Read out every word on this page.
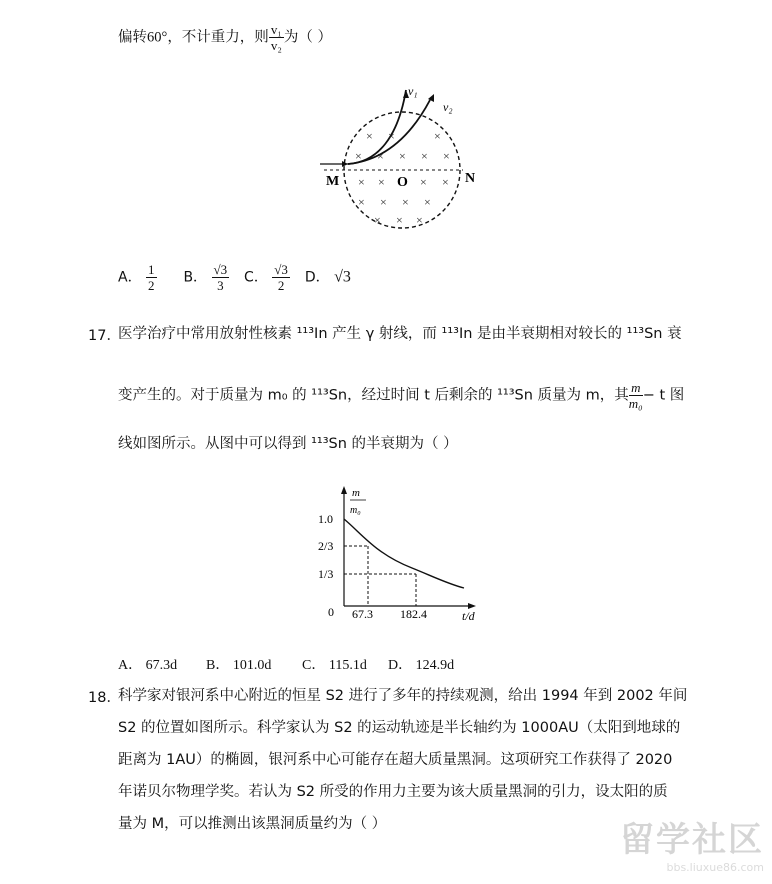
偏转60°，不计重力，则 $\frac{\text{v₁}}{\text{v₂}}$ 为（ ）
v₁
v₂
M	O	N
× ×	×
× × × × ×
× ×	× ×
× × × ×
× × ×
A． $\frac{1}{2}$ B． $\frac{√3}{3}$ C． $\frac{√3}{2}$ D． √3
17．
医学治疗中常用放射性核素 ¹¹³In 产生 γ 射线，而 ¹¹³In 是由半衰期相对较长的 ¹¹³Sn 衰
变产生的。对于质量为 m₀ 的 ¹¹³Sn，经过时间 t 后剩余的 ¹¹³Sn 质量为 m，其 $\frac{m}{\text{m₀}} - t$ 图
线如图所示。从图中可以得到 ¹¹³Sn 的半衰期为（ ）
m
m₀
1.0
2/3
1/3
0 67.3 182.4	t/d
A． 67.3d B． 101.0d C． 115.1d D． 124.9d
18．
科学家对银河系中心附近的恒星 S2 进行了多年的持续观测，给出 1994 年到 2002 年间
S2 的位置如图所示。科学家认为 S2 的运动轨迹是半长轴约为 1000AU（太阳到地球的
距离为 1AU）的椭圆，银河系中心可能存在超大质量黑洞。这项研究工作获得了 2020
年诺贝尔物理学奖。若认为 S2 所受的作用力主要为该大质量黑洞的引力，设太阳的质
量为 M，可以推测出该黑洞质量约为（ ）	留学社区
bbs.liuxue86.com
